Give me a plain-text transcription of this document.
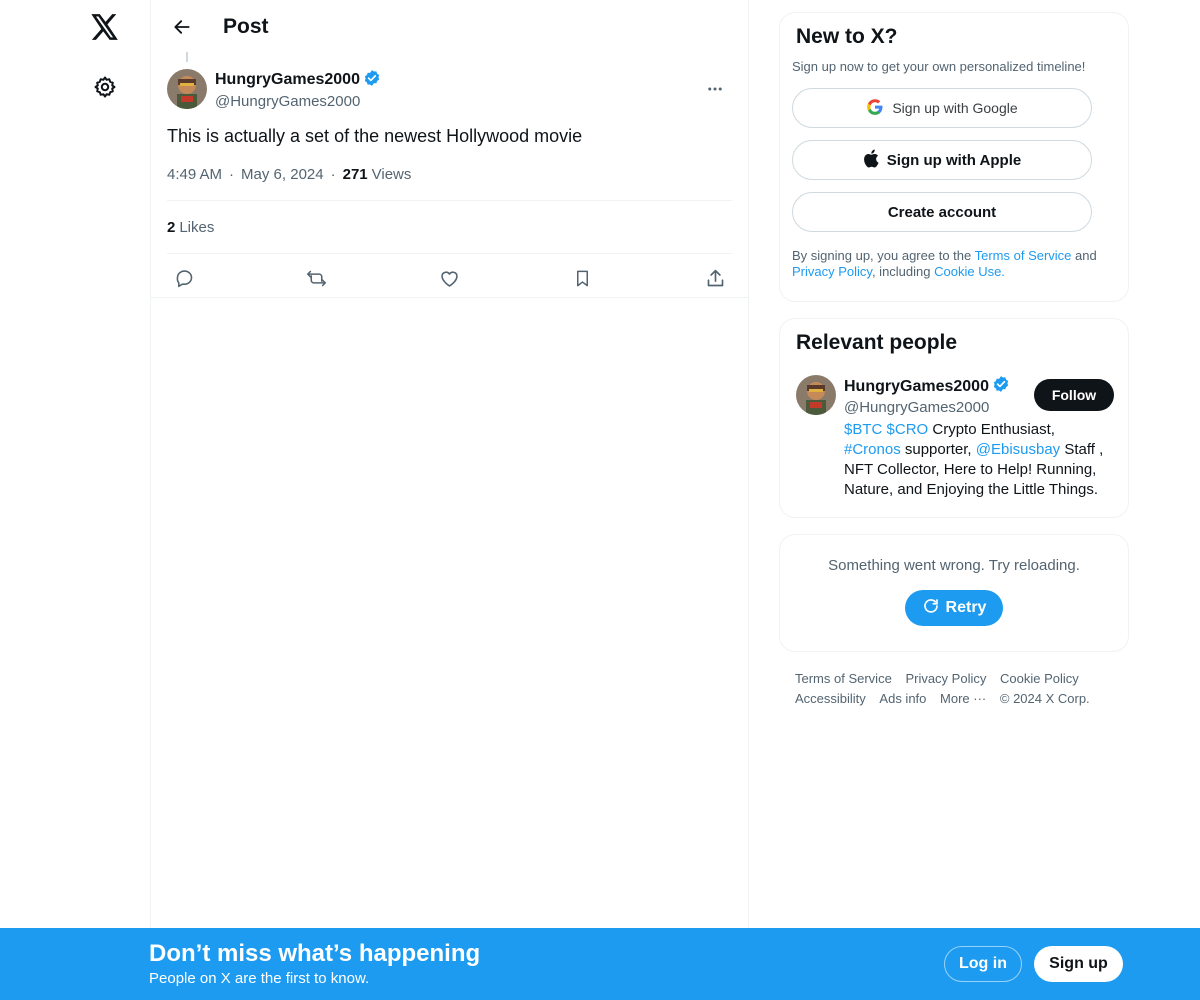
Post
HungryGames2000
@HungryGames2000
This is actually a set of the newest Hollywood movie
4:49 AM · May 6, 2024 · 271 Views
2 Likes
New to X?
Sign up now to get your own personalized timeline!
Sign up with Google
Sign up with Apple
Create account
By signing up, you agree to the Terms of Service and Privacy Policy, including Cookie Use.
Relevant people
HungryGames2000
@HungryGames2000
Follow
$BTC $CRO Crypto Enthusiast, #Cronos supporter, @Ebisusbay Staff , NFT Collector, Here to Help! Running, Nature, and Enjoying the Little Things.
Something went wrong. Try reloading.
Retry
Terms of Service Privacy Policy Cookie Policy Accessibility Ads info More ··· © 2024 X Corp.
Don’t miss what’s happening
People on X are the first to know.
Log in	Sign up
